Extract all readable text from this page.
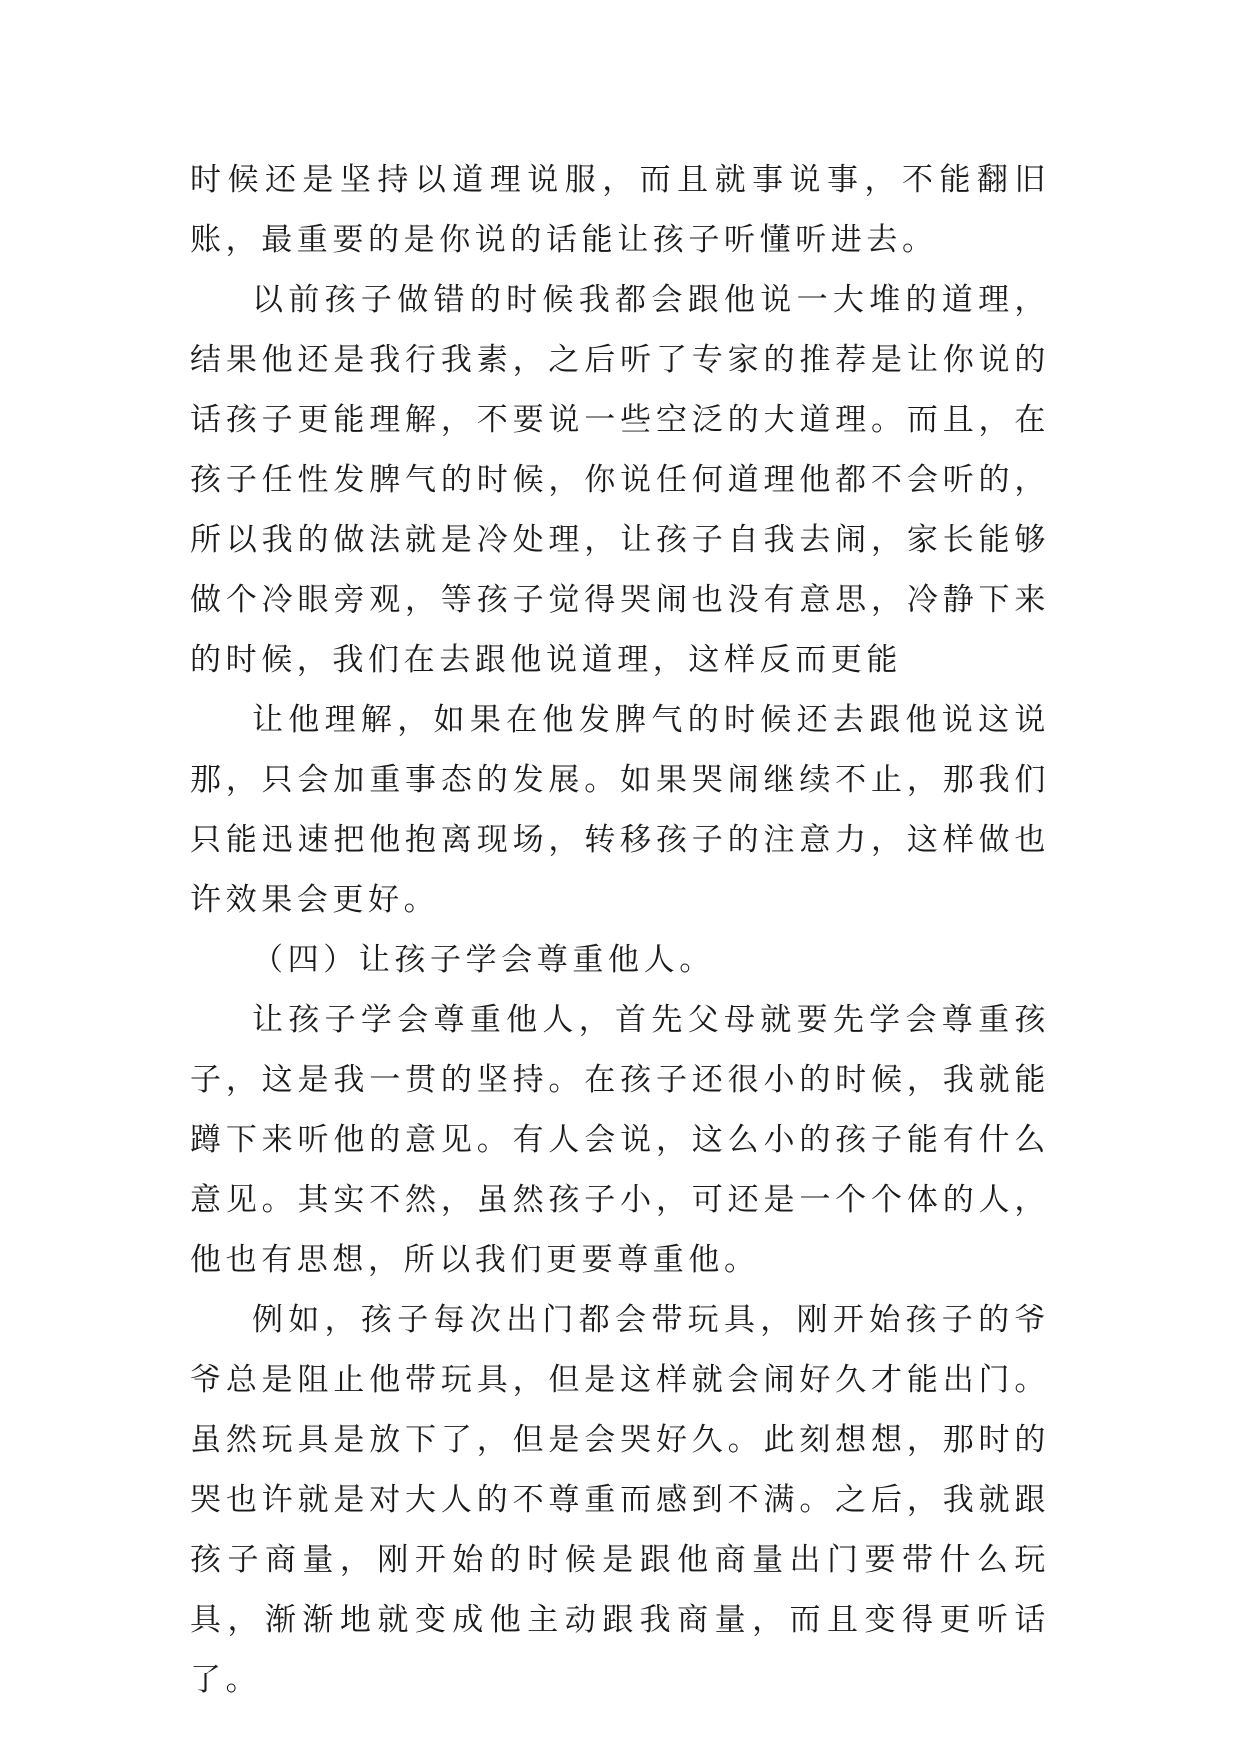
时候还是坚持以道理说服，而且就事说事，不能翻旧账，最重要的是你说的话能让孩子听懂听进去。

以前孩子做错的时候我都会跟他说一大堆的道理，结果他还是我行我素，之后听了专家的推荐是让你说的话孩子更能理解，不要说一些空泛的大道理。而且，在孩子任性发脾气的时候，你说任何道理他都不会听的，所以我的做法就是冷处理，让孩子自我去闹，家长能够做个冷眼旁观，等孩子觉得哭闹也没有意思，冷静下来的时候，我们在去跟他说道理，这样反而更能

让他理解，如果在他发脾气的时候还去跟他说这说那，只会加重事态的发展。如果哭闹继续不止，那我们只能迅速把他抱离现场，转移孩子的注意力，这样做也许效果会更好。

（四）让孩子学会尊重他人。

让孩子学会尊重他人，首先父母就要先学会尊重孩子，这是我一贯的坚持。在孩子还很小的时候，我就能蹲下来听他的意见。有人会说，这么小的孩子能有什么意见。其实不然，虽然孩子小，可还是一个个体的人，他也有思想，所以我们更要尊重他。

例如，孩子每次出门都会带玩具，刚开始孩子的爷爷总是阻止他带玩具，但是这样就会闹好久才能出门。虽然玩具是放下了，但是会哭好久。此刻想想，那时的哭也许就是对大人的不尊重而感到不满。之后，我就跟孩子商量，刚开始的时候是跟他商量出门要带什么玩具，渐渐地就变成他主动跟我商量，而且变得更听话了。
